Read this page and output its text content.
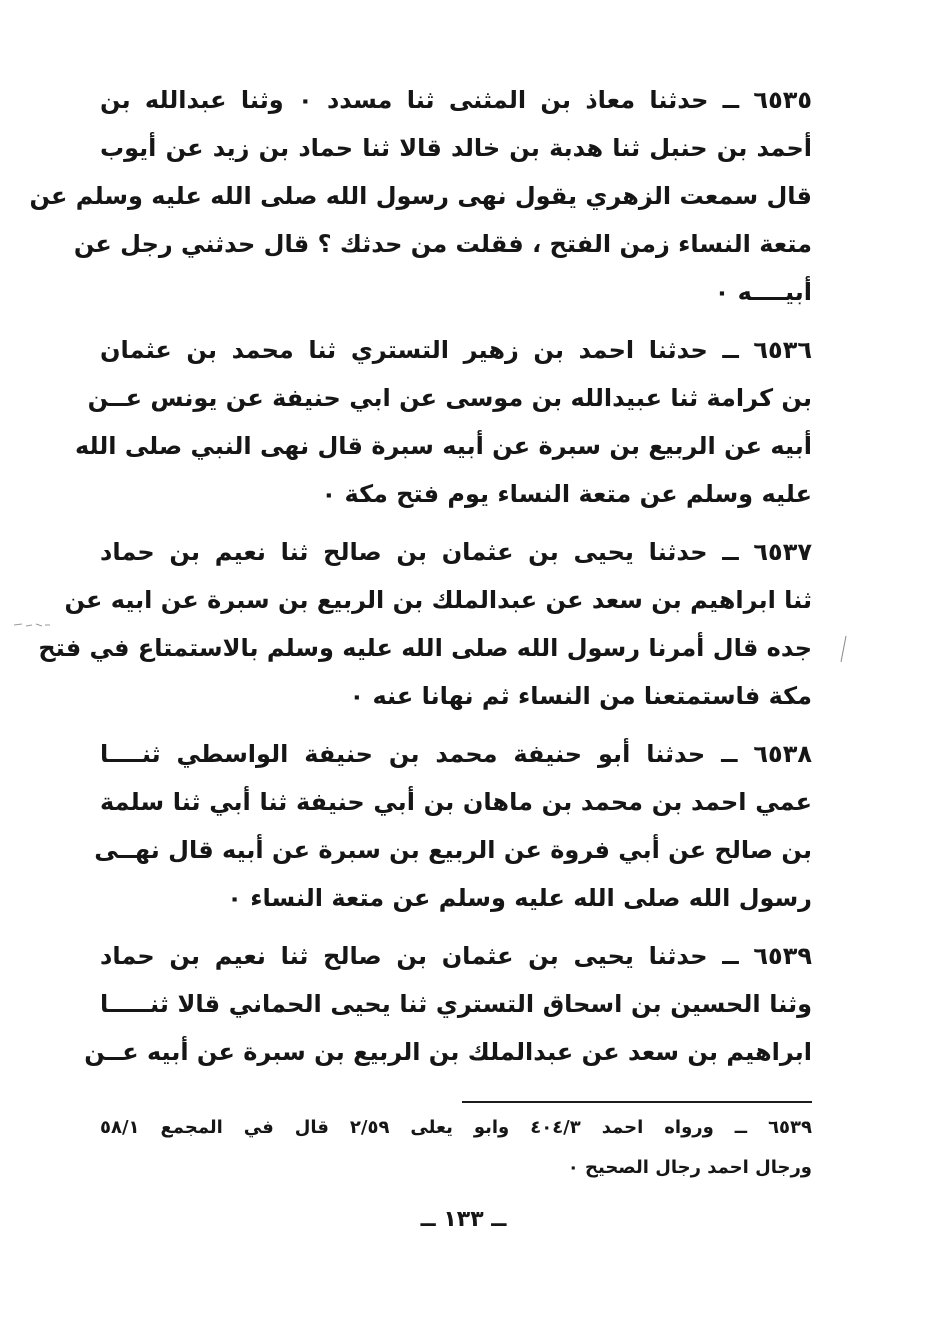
٦٥٣٥ ــ حدثنا معاذ بن المثنى ثنا مسدد ٠ وثنا عبدالله بن
أحمد بن حنبل ثنا هدبة بن خالد قالا ثنا حماد بن زيد عن أيوب
قال سمعت الزهري يقول نهى رسول الله صلى الله عليه وسلم عن
متعة النساء زمن الفتح ، فقلت من حدثك ؟ قال حدثني رجل عن
أبيــــه ٠
٦٥٣٦ ــ حدثنا احمد بن زهير التستري ثنا محمد بن عثمان
بن كرامة ثنا عبيدالله بن موسى عن ابي حنيفة عن يونس عــن
أبيه عن الربيع بن سبرة عن أبيه سبرة قال نهى النبي صلى الله
عليه وسلم عن متعة النساء يوم فتح مكة ٠
٦٥٣٧ ــ حدثنا يحيى بن عثمان بن صالح ثنا نعيم بن حماد
ثنا ابراهيم بن سعد عن عبدالملك بن الربيع بن سبرة عن ابيه عن
جده قال أمرنا رسول الله صلى الله عليه وسلم بالاستمتاع في فتح
مكة فاستمتعنا من النساء ثم نهانا عنه ٠
٦٥٣٨ ــ حدثنا أبو حنيفة محمد بن حنيفة الواسطي ثنــــا
عمي احمد بن محمد بن ماهان بن أبي حنيفة ثنا أبي ثنا سلمة
بن صالح عن أبي فروة عن الربيع بن سبرة عن أبيه قال نهــى
رسول الله صلى الله عليه وسلم عن متعة النساء ٠
٦٥٣٩ ــ حدثنا يحيى بن عثمان بن صالح ثنا نعيم بن حماد
وثنا الحسين بن اسحاق التستري ثنا يحيى الحماني قالا ثنـــــا
ابراهيم بن سعد عن عبدالملك بن الربيع بن سبرة عن أبيه عــن
٦٥٣٩ ــ ورواه احمد ٤٠٤/٣ وابو يعلى ٢/٥٩ قال في المجمع ٥٨/١
ورجال احمد رجال الصحيح ٠
ــ ١٣٣ ــ
